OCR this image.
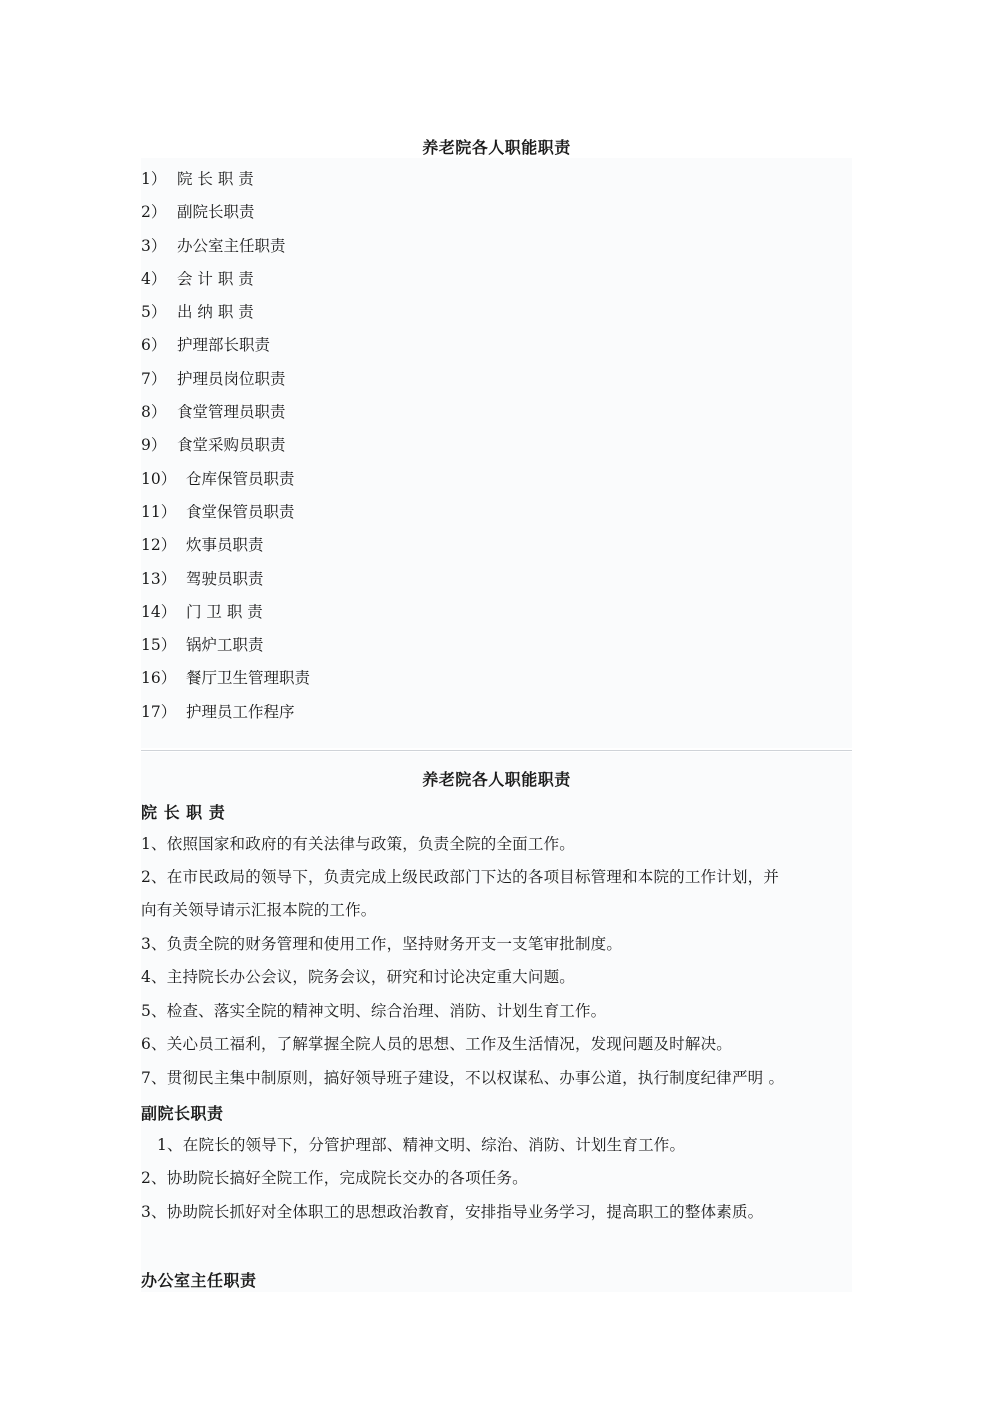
养老院各人职能职责
1） 院 长 职 责
2） 副院长职责
3） 办公室主任职责
4） 会 计 职 责
5） 出 纳 职 责
6） 护理部长职责
7） 护理员岗位职责
8） 食堂管理员职责
9） 食堂采购员职责
10） 仓库保管员职责
11） 食堂保管员职责
12） 炊事员职责
13） 驾驶员职责
14） 门 卫 职 责
15） 锅炉工职责
16） 餐厅卫生管理职责
17） 护理员工作程序
养老院各人职能职责
院 长 职 责
1、依照国家和政府的有关法律与政策，负责全院的全面工作。
2、在市民政局的领导下，负责完成上级民政部门下达的各项目标管理和本院的工作计划，并
向有关领导请示汇报本院的工作。
3、负责全院的财务管理和使用工作，坚持财务开支一支笔审批制度。
4、主持院长办公会议，院务会议，研究和讨论决定重大问题。
5、检查、落实全院的精神文明、综合治理、消防、计划生育工作。
6、关心员工福利，了解掌握全院人员的思想、工作及生活情况，发现问题及时解决。
7、贯彻民主集中制原则，搞好领导班子建设，不以权谋私、办事公道，执行制度纪律严明 。
副院长职责
1、在院长的领导下，分管护理部、精神文明、综治、消防、计划生育工作。
2、协助院长搞好全院工作，完成院长交办的各项任务。
3、协助院长抓好对全体职工的思想政治教育，安排指导业务学习，提高职工的整体素质。
办公室主任职责
